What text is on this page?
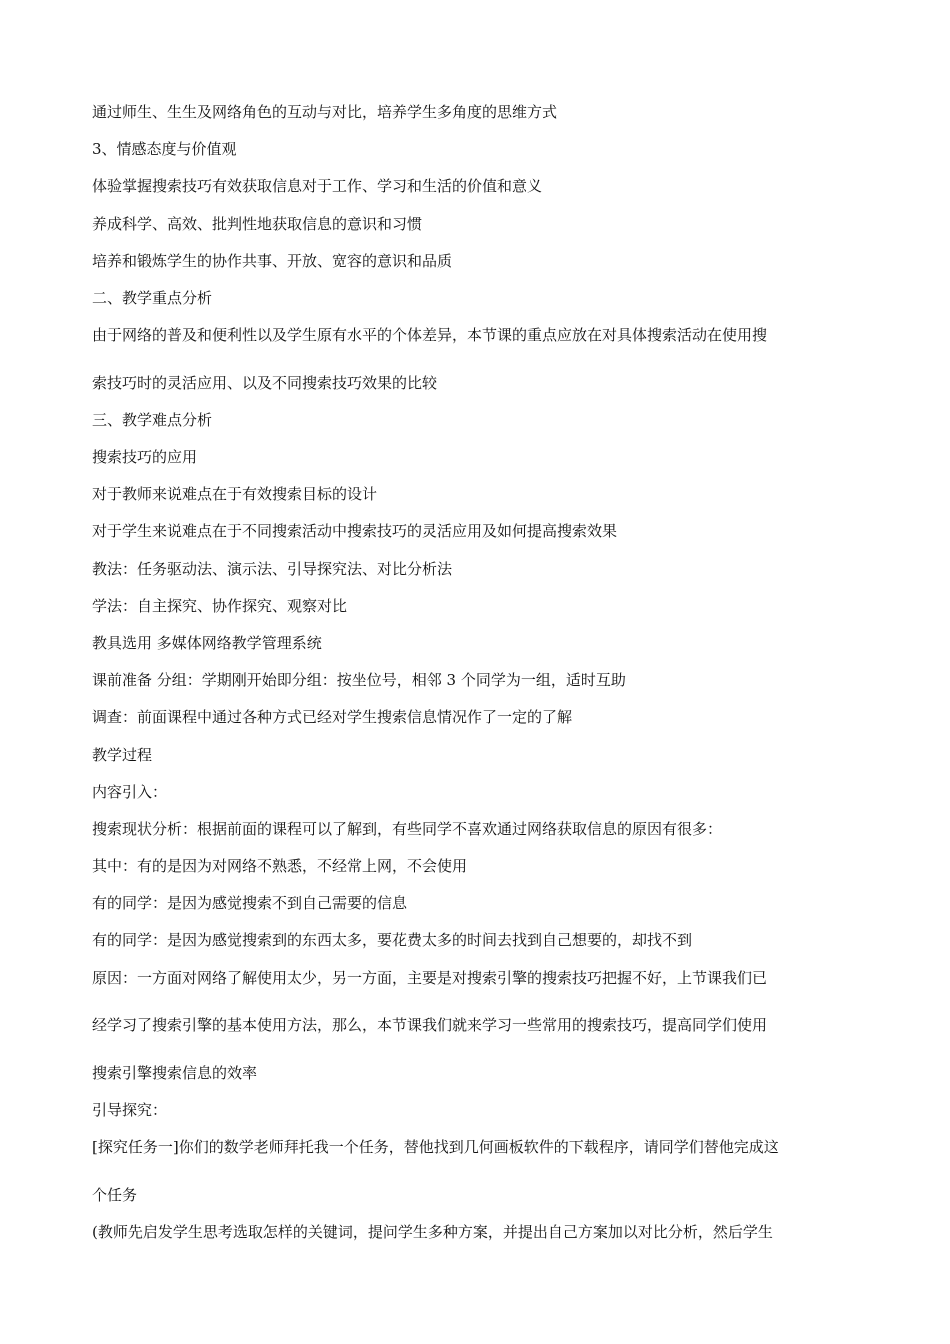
通过师生、生生及网络角色的互动与对比，培养学生多角度的思维方式
3、情感态度与价值观
体验掌握搜索技巧有效获取信息对于工作、学习和生活的价值和意义
养成科学、高效、批判性地获取信息的意识和习惯
培养和锻炼学生的协作共事、开放、宽容的意识和品质
二、教学重点分析
由于网络的普及和便利性以及学生原有水平的个体差异，本节课的重点应放在对具体搜索活动在使用搜
索技巧时的灵活应用、以及不同搜索技巧效果的比较
三、教学难点分析
搜索技巧的应用
对于教师来说难点在于有效搜索目标的设计
对于学生来说难点在于不同搜索活动中搜索技巧的灵活应用及如何提高搜索效果
教法：任务驱动法、演示法、引导探究法、对比分析法
学法：自主探究、协作探究、观察对比
教具选用 多媒体网络教学管理系统
课前准备 分组：学期刚开始即分组：按坐位号，相邻 3 个同学为一组，适时互助
调查：前面课程中通过各种方式已经对学生搜索信息情况作了一定的了解
教学过程
内容引入：
搜索现状分析：根据前面的课程可以了解到，有些同学不喜欢通过网络获取信息的原因有很多：
其中：有的是因为对网络不熟悉，不经常上网，不会使用
有的同学：是因为感觉搜索不到自己需要的信息
有的同学：是因为感觉搜索到的东西太多，要花费太多的时间去找到自己想要的，却找不到
原因：一方面对网络了解使用太少，另一方面，主要是对搜索引擎的搜索技巧把握不好，上节课我们已
经学习了搜索引擎的基本使用方法，那么，本节课我们就来学习一些常用的搜索技巧，提高同学们使用
搜索引擎搜索信息的效率
引导探究：
[探究任务一]你们的数学老师拜托我一个任务，替他找到几何画板软件的下载程序，请同学们替他完成这
个任务
(教师先启发学生思考选取怎样的关键词，提问学生多种方案，并提出自己方案加以对比分析，然后学生
